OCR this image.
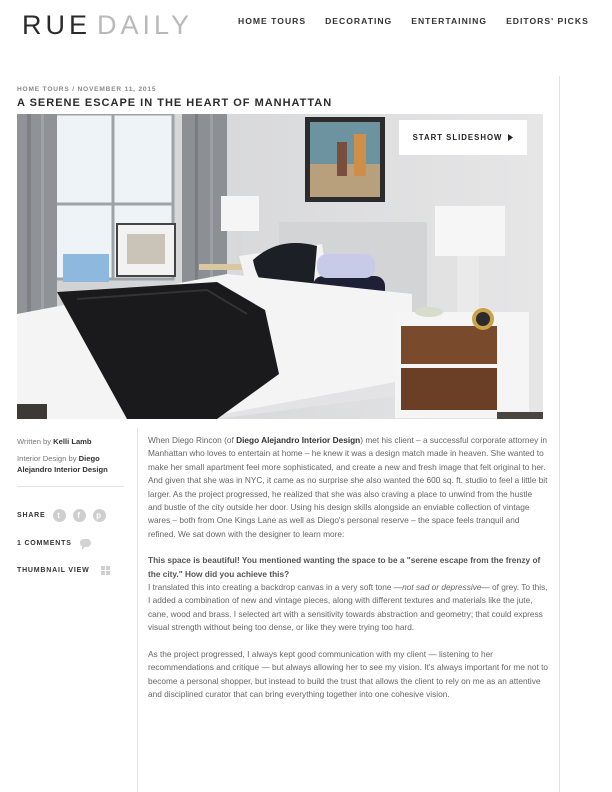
RUE DAILY	HOME TOURS DECORATING ENTERTAINING EDITORS' PICKS
HOME TOURS / NOVEMBER 11, 2015
A SERENE ESCAPE IN THE HEART OF MANHATTAN
START SLIDESHOW
Written by Kelli Lamb
Interior Design by Diego Alejandro Interior Design
SHARE	t	f	p
1 COMMENTS
THUMBNAIL VIEW

When Diego Rincon (of Diego Alejandro Interior Design) met his client – a successful corporate attorney in Manhattan who loves to entertain at home – he knew it was a design match made in heaven. She wanted to make her small apartment feel more sophisticated, and create a new and fresh image that felt original to her. And given that she was in NYC, it came as no surprise she also wanted the 600 sq. ft. studio to feel a little bit larger. As the project progressed, he realized that she was also craving a place to unwind from the hustle and bustle of the city outside her door. Using his design skills alongside an enviable collection of vintage wares – both from One Kings Lane as well as Diego's personal reserve – the space feels tranquil and refined. We sat down with the designer to learn more:

This space is beautiful! You mentioned wanting the space to be a "serene escape from the frenzy of the city." How did you achieve this?

I translated this into creating a backdrop canvas in a very soft tone —not sad or depressive— of grey. To this, I added a combination of new and vintage pieces, along with different textures and materials like the jute, cane, wood and brass. I selected art with a sensitivity towards abstraction and geometry; that could express visual strength without being too dense, or like they were trying too hard.

As the project progressed, I always kept good communication with my client — listening to her recommendations and critique — but always allowing her to see my vision. It's always important for me not to become a personal shopper, but instead to build the trust that allows the client to rely on me as an attentive and disciplined curator that can bring everything together into one cohesive vision.
